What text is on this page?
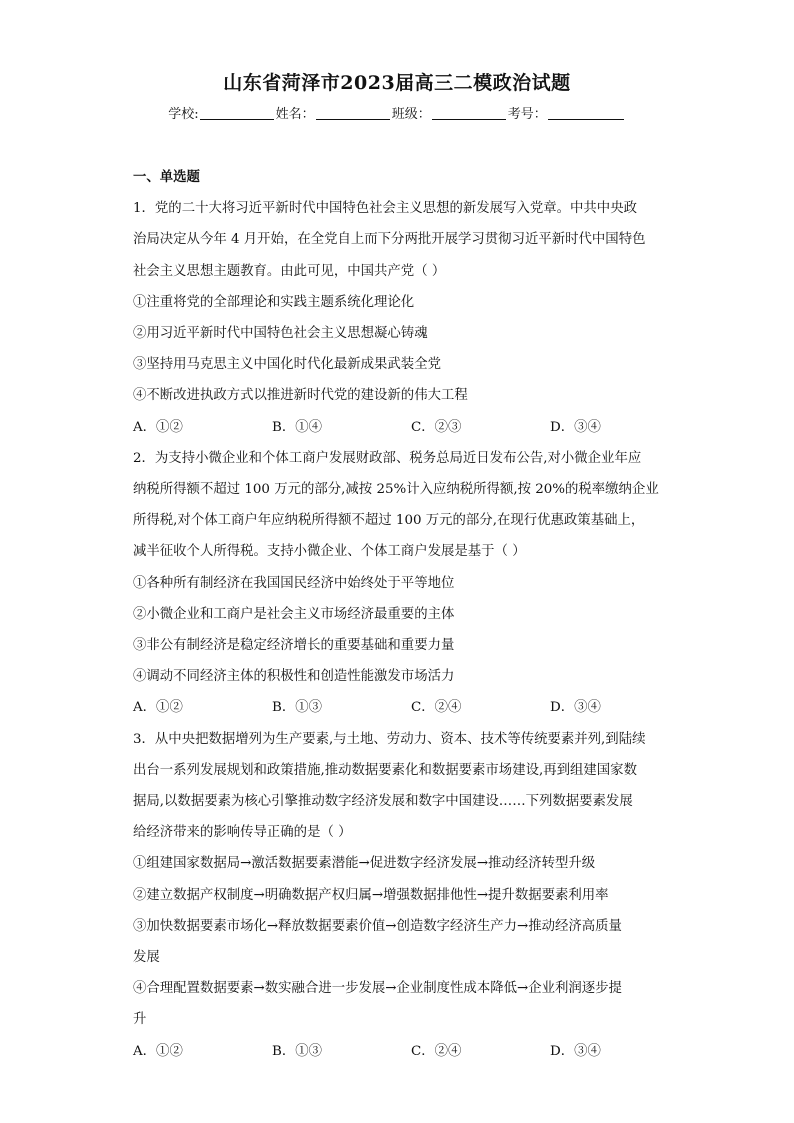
山东省菏泽市2023届高三二模政治试题
学校:	姓名：	班级：	考号：
一、单选题
1．党的二十大将习近平新时代中国特色社会主义思想的新发展写入党章。中共中央政
治局决定从今年 4 月开始，在全党自上而下分两批开展学习贯彻习近平新时代中国特色
社会主义思想主题教育。由此可见，中国共产党（ ）
①注重将党的全部理论和实践主题系统化理论化
②用习近平新时代中国特色社会主义思想凝心铸魂
③坚持用马克思主义中国化时代化最新成果武装全党
④不断改进执政方式以推进新时代党的建设新的伟大工程
A．①②	B．①④	C．②③	D．③④
2．为支持小微企业和个体工商户发展财政部、税务总局近日发布公告,对小微企业年应
纳税所得额不超过 100 万元的部分,减按 25%计入应纳税所得额,按 20%的税率缴纳企业
所得税,对个体工商户年应纳税所得额不超过 100 万元的部分,在现行优惠政策基础上，
减半征收个人所得税。支持小微企业、个体工商户发展是基于（ ）
①各种所有制经济在我国国民经济中始终处于平等地位
②小微企业和工商户是社会主义市场经济最重要的主体
③非公有制经济是稳定经济增长的重要基础和重要力量
④调动不同经济主体的积极性和创造性能激发市场活力
A．①②	B．①③	C．②④	D．③④
3．从中央把数据增列为生产要素,与土地、劳动力、资本、技术等传统要素并列,到陆续
出台一系列发展规划和政策措施,推动数据要素化和数据要素市场建设,再到组建国家数
据局,以数据要素为核心引擎推动数字经济发展和数字中国建设……下列数据要素发展
给经济带来的影响传导正确的是（ ）
①组建国家数据局→激活数据要素潜能→促进数字经济发展→推动经济转型升级
②建立数据产权制度→明确数据产权归属→增强数据排他性→提升数据要素利用率
③加快数据要素市场化→释放数据要素价值→创造数字经济生产力→推动经济高质量
发展
④合理配置数据要素→数实融合进一步发展→企业制度性成本降低→企业利润逐步提
升
A．①②	B．①③	C．②④	D．③④
